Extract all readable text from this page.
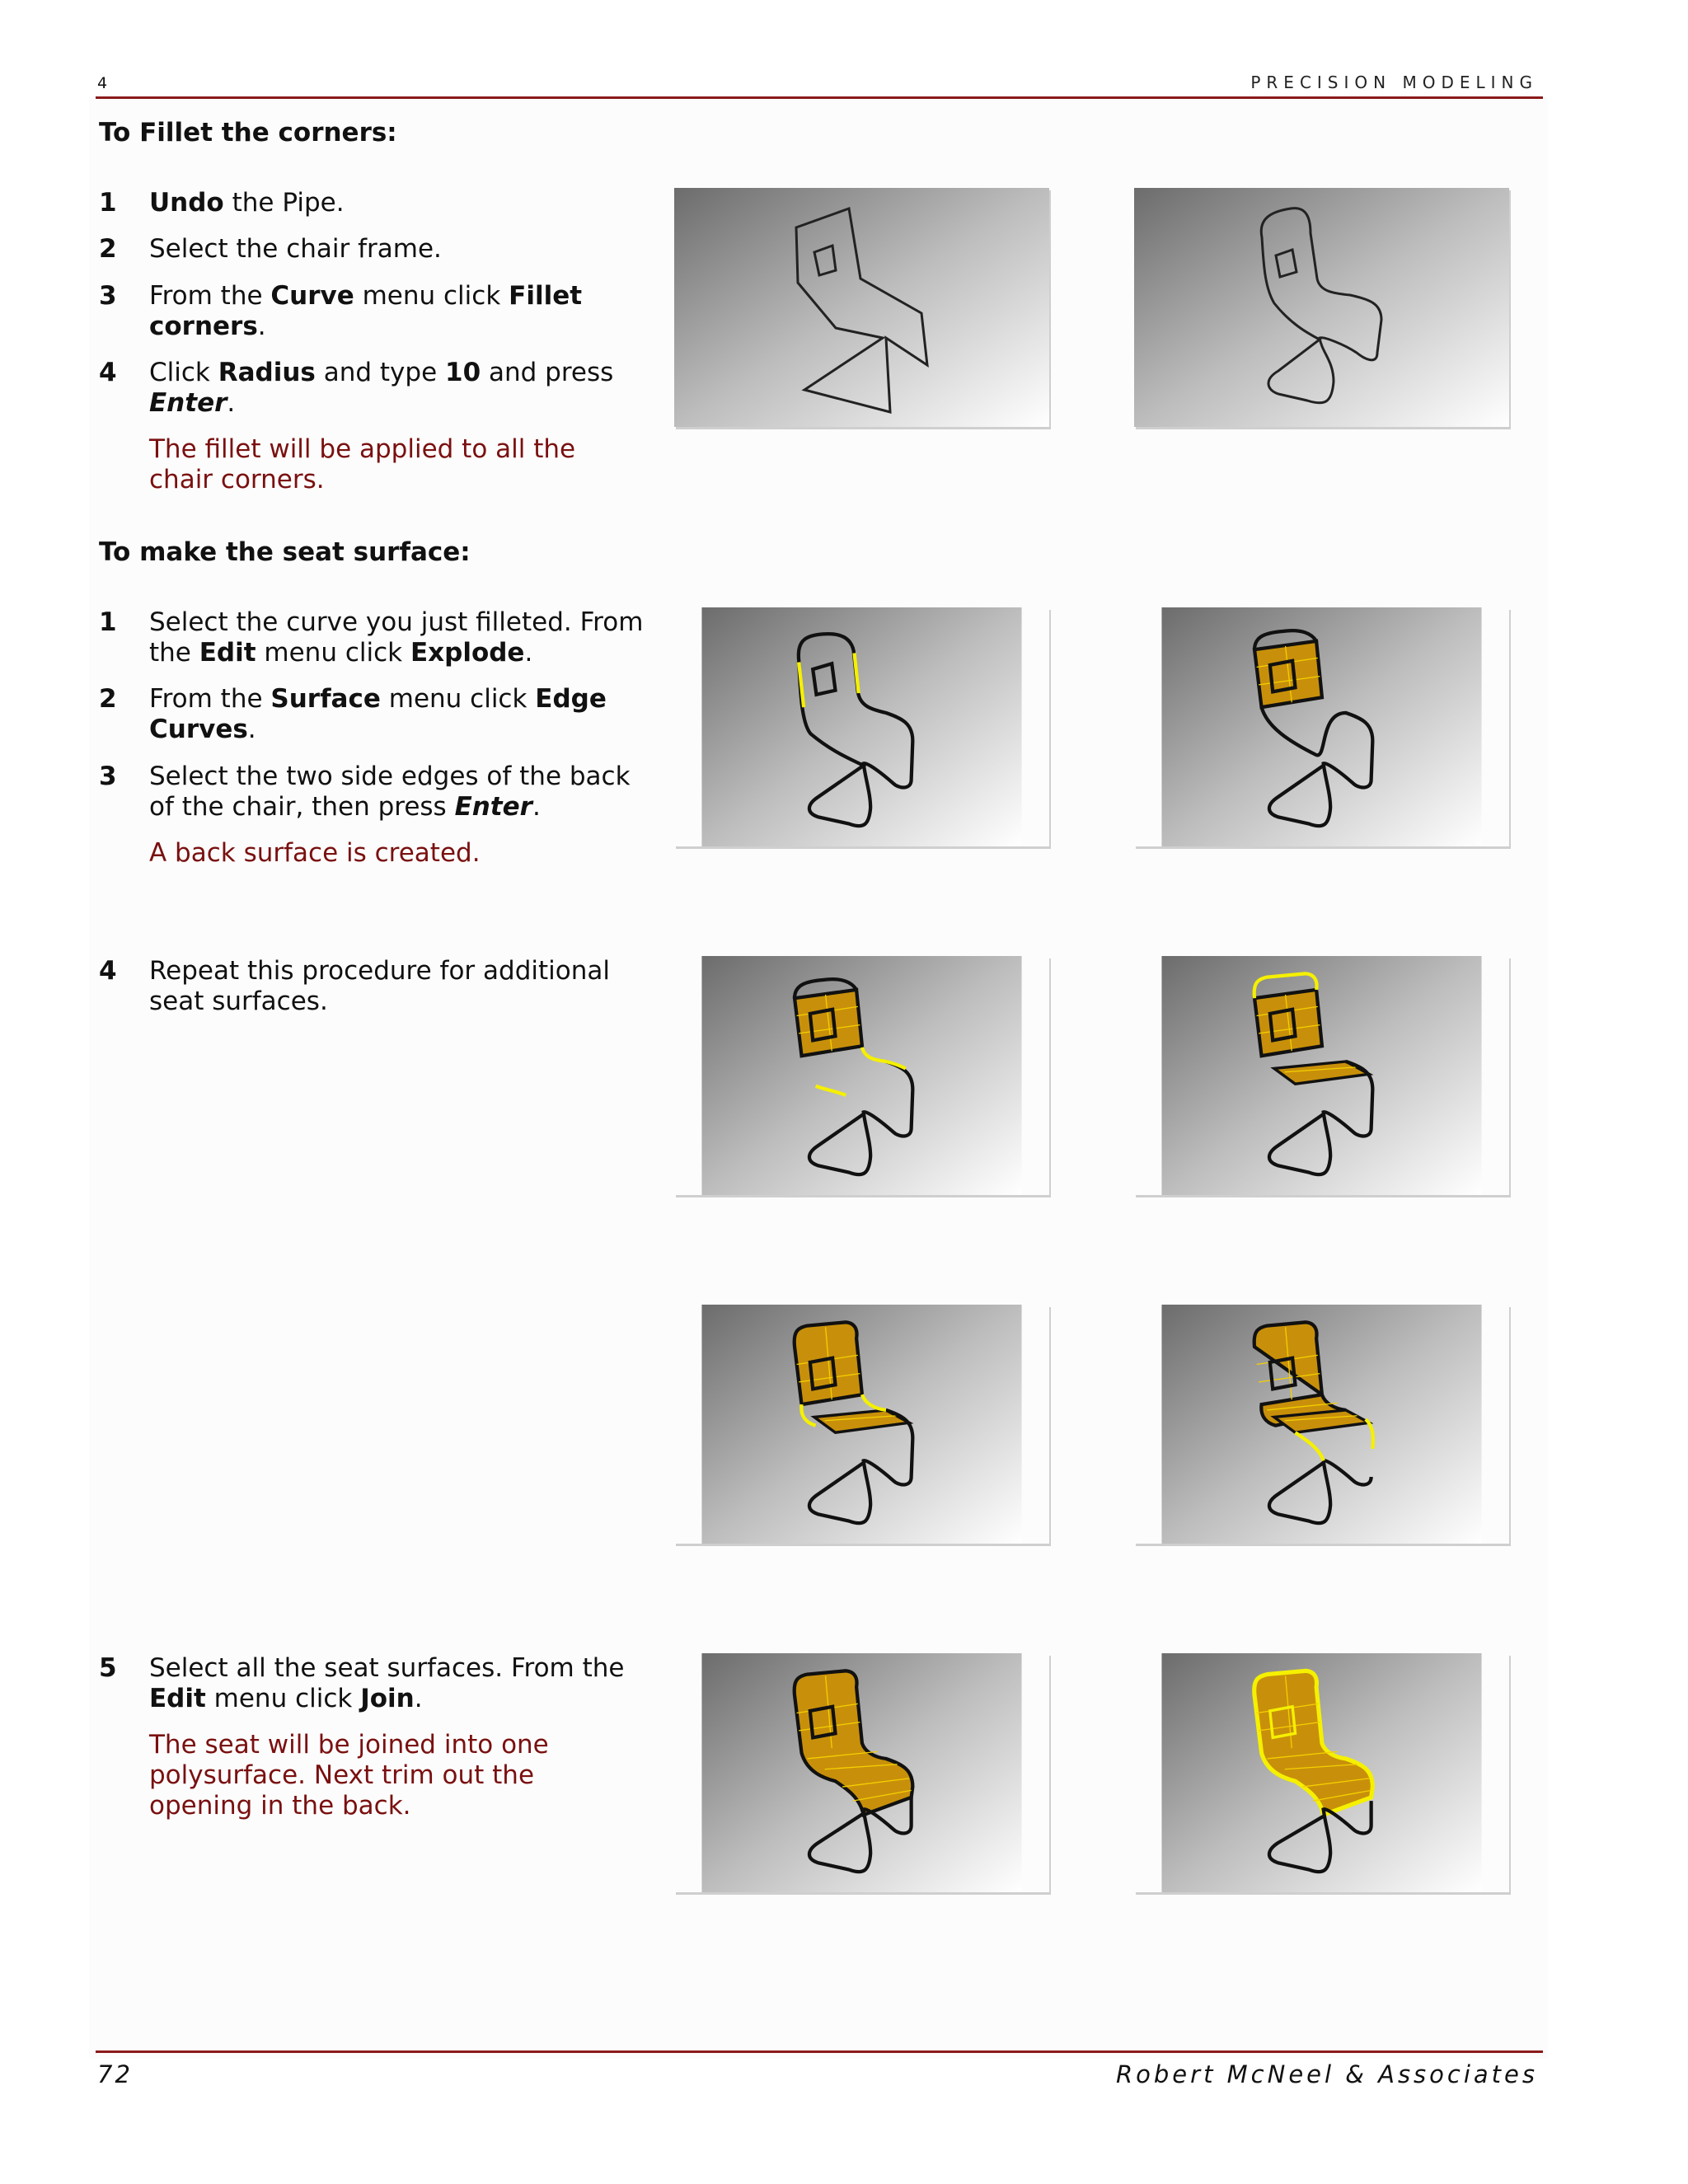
4	PRECISION MODELING
To Fillet the corners:
1 Undo the Pipe.
2 Select the chair frame.
3 From the Curve menu click Fillet corners.
4 Click Radius and type 10 and press Enter.
The fillet will be applied to all the chair corners.
To make the seat surface:
1 Select the curve you just filleted. From the Edit menu click Explode.
2 From the Surface menu click Edge Curves.
3 Select the two side edges of the back of the chair, then press Enter.
A back surface is created.
4 Repeat this procedure for additional seat surfaces.
5 Select all the seat surfaces. From the Edit menu click Join.
The seat will be joined into one polysurface. Next trim out the opening in the back.
72	Robert McNeel & Associates
